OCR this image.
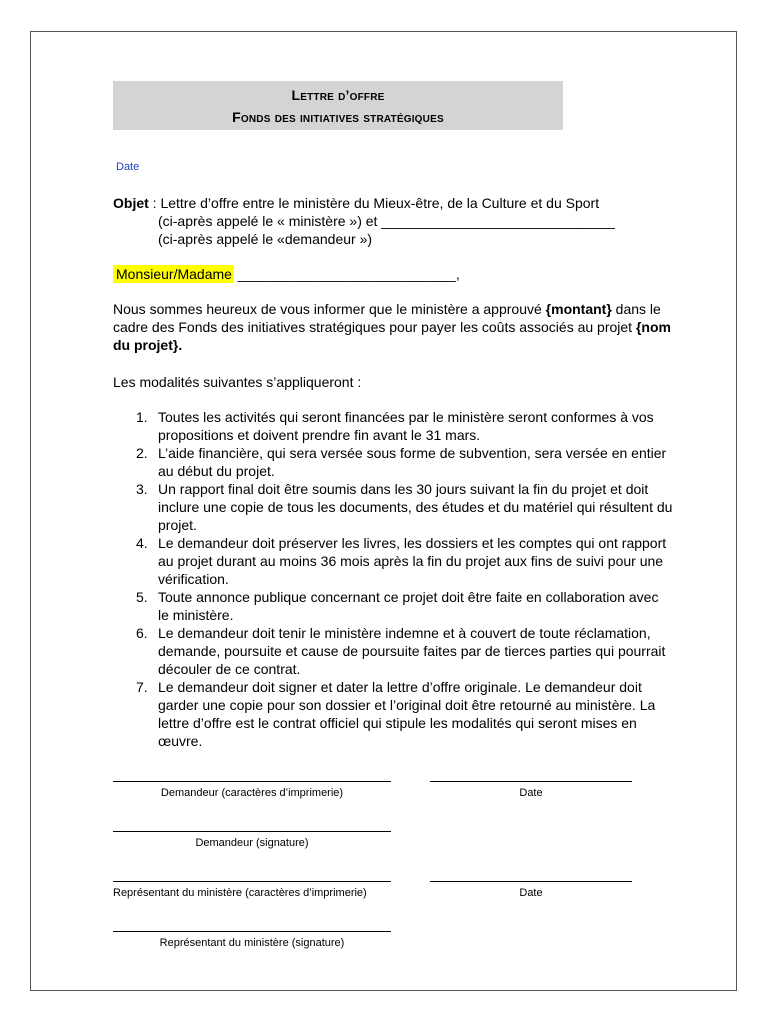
Lettre d’offre
Fonds des initiatives stratégiques
Date
Objet : Lettre d’offre entre le ministère du Mieux-être, de la Culture et du Sport
(ci-après appelé le « ministère ») et ______________________________
(ci-après appelé le «demandeur »)
Monsieur/Madame ____________________________,
Nous sommes heureux de vous informer que le ministère a approuvé {montant} dans le cadre des Fonds des initiatives stratégiques pour payer les coûts associés au projet {nom du projet}.
Les modalités suivantes s’appliqueront :
1. Toutes les activités qui seront financées par le ministère seront conformes à vos propositions et doivent prendre fin avant le 31 mars.
2. L’aide financière, qui sera versée sous forme de subvention, sera versée en entier au début du projet.
3. Un rapport final doit être soumis dans les 30 jours suivant la fin du projet et doit inclure une copie de tous les documents, des études et du matériel qui résultent du projet.
4. Le demandeur doit préserver les livres, les dossiers et les comptes qui ont rapport au projet durant au moins 36 mois après la fin du projet aux fins de suivi pour une vérification.
5. Toute annonce publique concernant ce projet doit être faite en collaboration avec le ministère.
6. Le demandeur doit tenir le ministère indemne et à couvert de toute réclamation, demande, poursuite et cause de poursuite faites par de tierces parties qui pourrait découler de ce contrat.
7. Le demandeur doit signer et dater la lettre d’offre originale. Le demandeur doit garder une copie pour son dossier et l’original doit être retourné au ministère. La lettre d’offre est le contrat officiel qui stipule les modalités qui seront mises en œuvre.
Demandeur (caractères d’imprimerie)	Date
Demandeur (signature)
Représentant du ministère (caractères d’imprimerie)	Date
Représentant du ministère (signature)
